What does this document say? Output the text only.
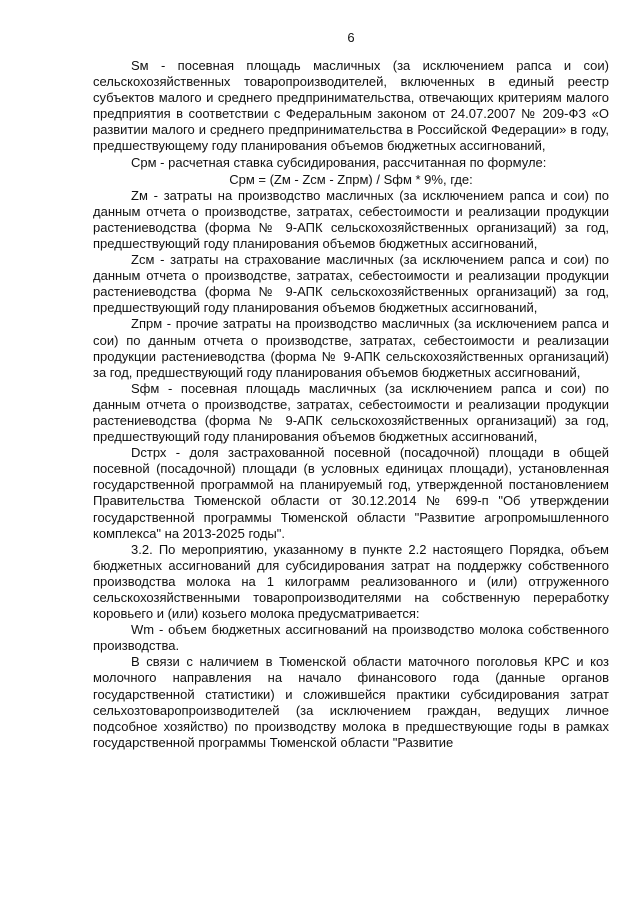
6

Sм - посевная площадь масличных (за исключением рапса и сои) сельскохозяйственных товаропроизводителей, включенных в единый реестр субъектов малого и среднего предпринимательства, отвечающих критериям малого предприятия в соответствии с Федеральным законом от 24.07.2007 № 209-ФЗ «О развитии малого и среднего предпринимательства в Российской Федерации» в году, предшествующему году планирования объемов бюджетных ассигнований,

Срм - расчетная ставка субсидирования, рассчитанная по формуле:

Срм = (Zм - Zсм - Zпрм) / Sфм * 9%, где:

Zм - затраты на производство масличных (за исключением рапса и сои) по данным отчета о производстве, затратах, себестоимости и реализации продукции растениеводства (форма № 9-АПК сельскохозяйственных организаций) за год, предшествующий году планирования объемов бюджетных ассигнований,

Zсм - затраты на страхование масличных (за исключением рапса и сои) по данным отчета о производстве, затратах, себестоимости и реализации продукции растениеводства (форма № 9-АПК сельскохозяйственных организаций) за год, предшествующий году планирования объемов бюджетных ассигнований,

Zпрм - прочие затраты на производство масличных (за исключением рапса и сои) по данным отчета о производстве, затратах, себестоимости и реализации продукции растениеводства (форма № 9-АПК сельскохозяйственных организаций) за год, предшествующий году планирования объемов бюджетных ассигнований,

Sфм - посевная площадь масличных (за исключением рапса и сои) по данным отчета о производстве, затратах, себестоимости и реализации продукции растениеводства (форма № 9-АПК сельскохозяйственных организаций) за год, предшествующий году планирования объемов бюджетных ассигнований,

Dстрх - доля застрахованной посевной (посадочной) площади в общей посевной (посадочной) площади (в условных единицах площади), установленная государственной программой на планируемый год, утвержденной постановлением Правительства Тюменской области от 30.12.2014 № 699-п "Об утверждении государственной программы Тюменской области "Развитие агропромышленного комплекса" на 2013-2025 годы".

3.2. По мероприятию, указанному в пункте 2.2 настоящего Порядка, объем бюджетных ассигнований для субсидирования затрат на поддержку собственного производства молока на 1 килограмм реализованного и (или) отгруженного сельскохозяйственными товаропроизводителями на собственную переработку коровьего и (или) козьего молока предусматривается:

Wm - объем бюджетных ассигнований на производство молока собственного производства.

В связи с наличием в Тюменской области маточного поголовья КРС и коз молочного направления на начало финансового года (данные органов государственной статистики) и сложившейся практики субсидирования затрат сельхозтоваропроизводителей (за исключением граждан, ведущих личное подсобное хозяйство) по производству молока в предшествующие годы в рамках государственной программы Тюменской области "Развитие
